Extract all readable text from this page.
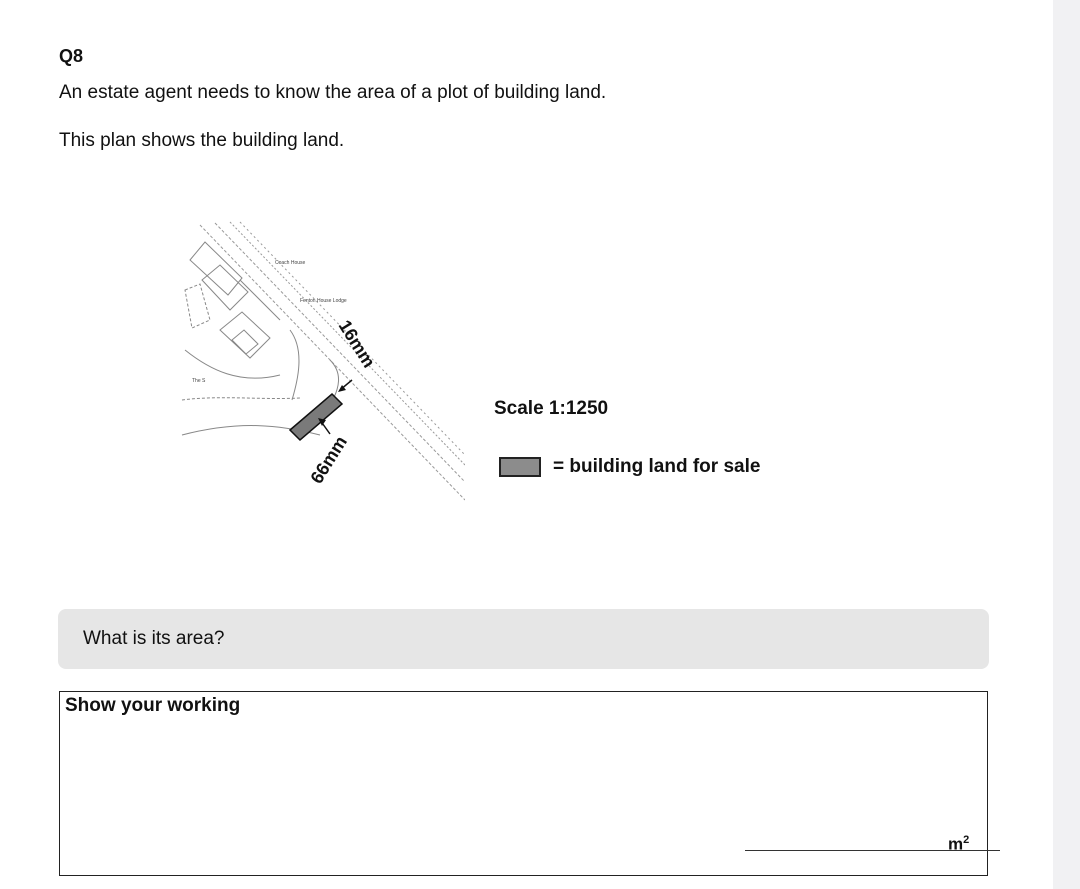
Q8
An estate agent needs to know the area of a plot of building land.
This plan shows the building land.
Coach House
Fenton House Lodge
The S
16mm
66mm
Scale 1:1250
= building land for sale
What is its area?
Show your working
$m^2$
